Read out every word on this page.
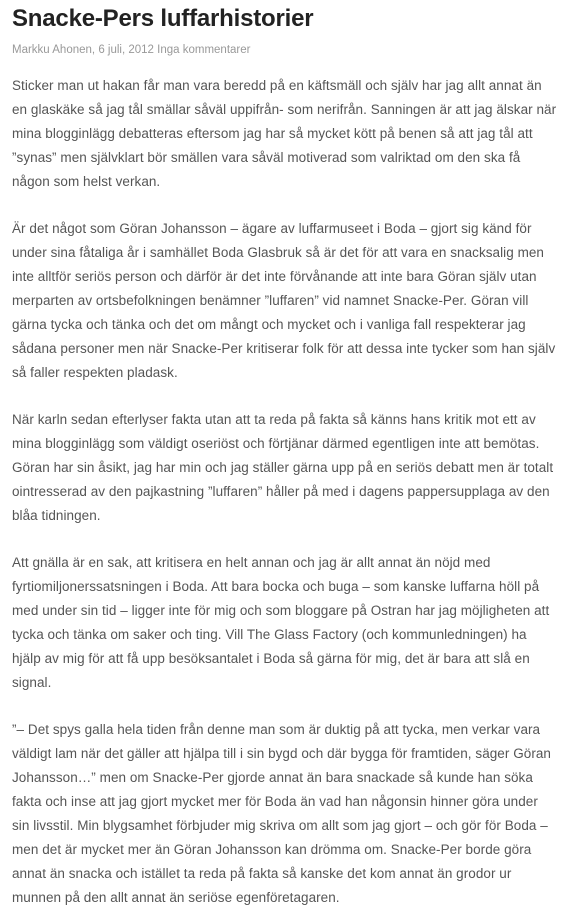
Snacke-Pers luffarhistorier
Markku Ahonen, 6 juli, 2012 Inga kommentarer

Sticker man ut hakan får man vara beredd på en käftsmäll och själv har jag allt annat än en glaskäke så jag tål smällar såväl uppifrån- som nerifrån. Sanningen är att jag älskar när mina blogginlägg debatteras eftersom jag har så mycket kött på benen så att jag tål att ”synas” men självklart bör smällen vara såväl motiverad som valriktad om den ska få någon som helst verkan.

Är det något som Göran Johansson – ägare av luffarmuseet i Boda – gjort sig känd för under sina fåtaliga år i samhället Boda Glasbruk så är det för att vara en snacksalig men inte alltför seriös person och därför är det inte förvånande att inte bara Göran själv utan merparten av ortsbefolkningen benämner ”luffaren” vid namnet Snacke-Per. Göran vill gärna tycka och tänka och det om mångt och mycket och i vanliga fall respekterar jag sådana personer men när Snacke-Per kritiserar folk för att dessa inte tycker som han själv så faller respekten pladask.

När karln sedan efterlyser fakta utan att ta reda på fakta så känns hans kritik mot ett av mina blogginlägg som väldigt oseriöst och förtjänar därmed egentligen inte att bemötas. Göran har sin åsikt, jag har min och jag ställer gärna upp på en seriös debatt men är totalt ointresserad av den pajkastning ”luffaren” håller på med i dagens pappersupplaga av den blåa tidningen.

Att gnälla är en sak, att kritisera en helt annan och jag är allt annat än nöjd med fyrtiomiljonerssatsningen i Boda. Att bara bocka och buga – som kanske luffarna höll på med under sin tid – ligger inte för mig och som bloggare på Ostran har jag möjligheten att tycka och tänka om saker och ting. Vill The Glass Factory (och kommunledningen) ha hjälp av mig för att få upp besöksantalet i Boda så gärna för mig, det är bara att slå en signal.

”– Det spys galla hela tiden från denne man som är duktig på att tycka, men verkar vara väldigt lam när det gäller att hjälpa till i sin bygd och där bygga för framtiden, säger Göran Johansson…” men om Snacke-Per gjorde annat än bara snackade så kunde han söka fakta och inse att jag gjort mycket mer för Boda än vad han någonsin hinner göra under sin livsstil. Min blygsamhet förbjuder mig skriva om allt som jag gjort – och gör för Boda – men det är mycket mer än Göran Johansson kan drömma om. Snacke-Per borde göra annat än snacka och istället ta reda på fakta så kanske det kom annat än grodor ur munnen på den allt annat än seriöse egenföretagaren.
